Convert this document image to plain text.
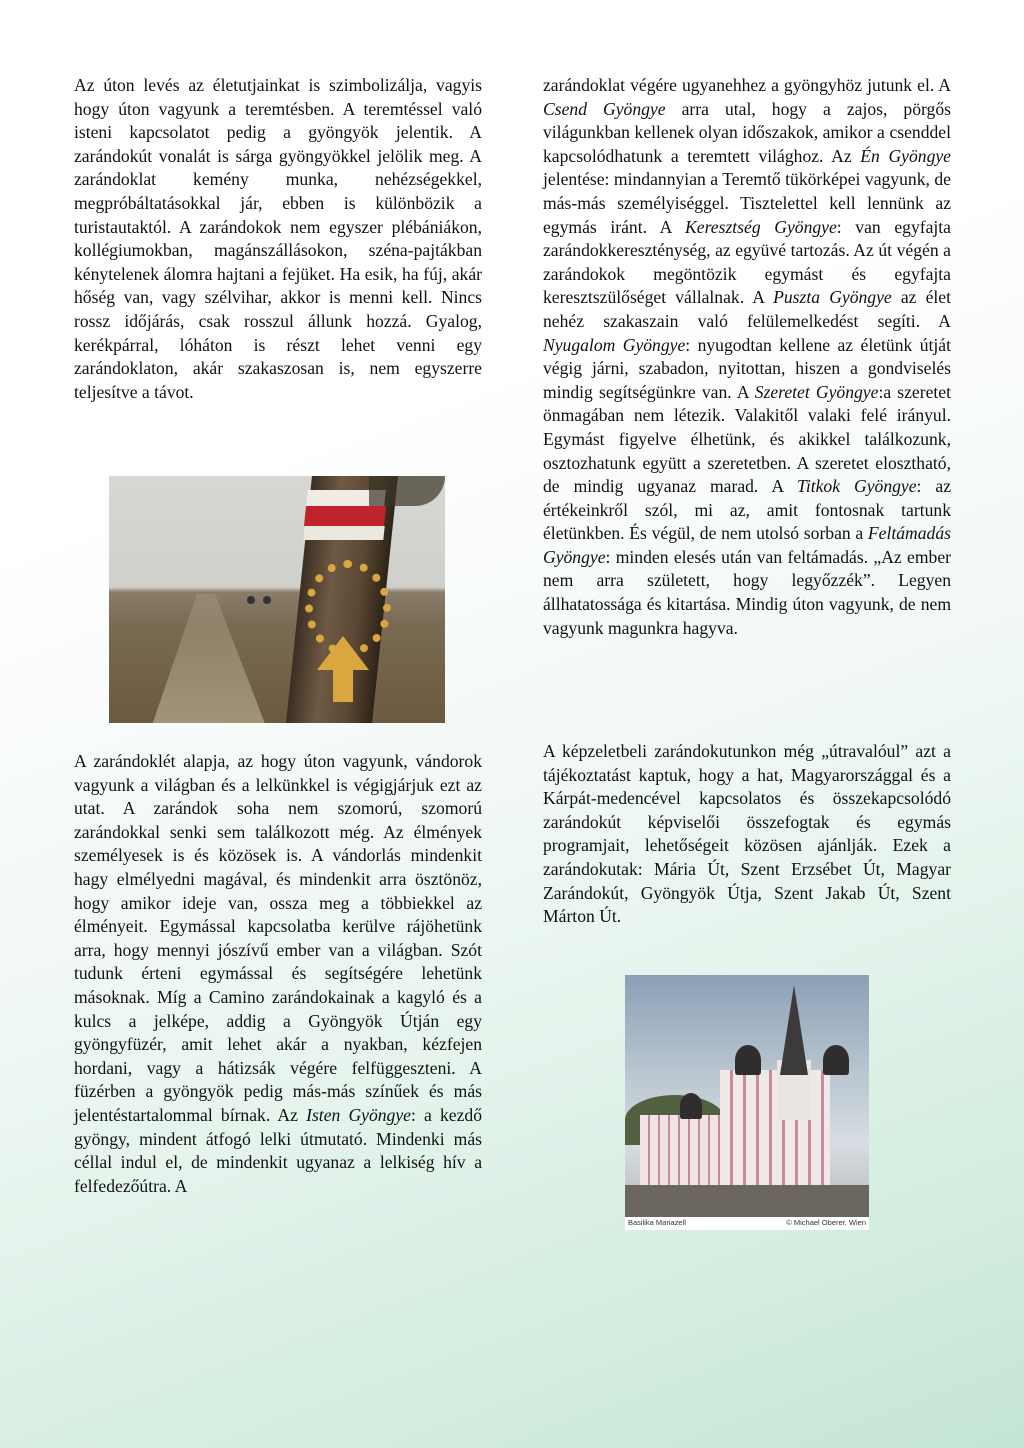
Az úton levés az életutjainkat is szimbolizálja, vagyis hogy úton vagyunk a teremtésben. A teremtéssel való isteni kapcsolatot pedig a gyöngyök jelentik. A zarándokút vonalát is sárga gyöngyökkel jelölik meg. A zarándoklat kemény munka, nehézségekkel, megpróbáltatásokkal jár, ebben is különbözik a turistautaktól. A zarándokok nem egyszer plébániákon, kollégiumokban, magánszállásokon, széna-pajtákban kénytelenek álomra hajtani a fejüket. Ha esik, ha fúj, akár hőség van, vagy szélvihar, akkor is menni kell. Nincs rossz időjárás, csak rosszul állunk hozzá. Gyalog, kerékpárral, lóháton is részt lehet venni egy zarándoklaton, akár szakaszosan is, nem egyszerre teljesítve a távot.

A zarándoklét alapja, az hogy úton vagyunk, vándorok vagyunk a világban és a lelkünkkel is végigjárjuk ezt az utat. A zarándok soha nem szomorú, szomorú zarándokkal senki sem találkozott még. Az élmények személyesek is és közösek is. A vándorlás mindenkit hagy elmélyedni magával, és mindenkit arra ösztönöz, hogy amikor ideje van, ossza meg a többiekkel az élményeit. Egymással kapcsolatba kerülve rájöhetünk arra, hogy mennyi jószívű ember van a világban. Szót tudunk érteni egymással és segítségére lehetünk másoknak. Míg a Camino zarándokainak a kagyló és a kulcs a jelképe, addig a Gyöngyök Útján egy gyöngyfüzér, amit lehet akár a nyakban, kézfejen hordani, vagy a hátizsák végére felfüggeszteni. A füzérben a gyöngyök pedig más-más színűek és más jelentéstartalommal bírnak. Az Isten Gyöngye: a kezdő gyöngy, mindent átfogó lelki útmutató. Mindenki más céllal indul el, de mindenkit ugyanaz a lelkiség hív a felfedezőútra. A

zarándoklat végére ugyanehhez a gyöngyhöz jutunk el. A Csend Gyöngye arra utal, hogy a zajos, pörgős világunkban kellenek olyan időszakok, amikor a csenddel kapcsolódhatunk a teremtett világhoz. Az Én Gyöngye jelentése: mindannyian a Teremtő tükörképei vagyunk, de más-más személyiséggel. Tisztelettel kell lennünk az egymás iránt. A Keresztség Gyöngye: van egyfajta zarándokkereszténység, az együvé tartozás. Az út végén a zarándokok megöntözik egymást és egyfajta keresztszülőséget vállalnak. A Puszta Gyöngye az élet nehéz szakaszain való felülemelkedést segíti. A Nyugalom Gyöngye: nyugodtan kellene az életünk útját végig járni, szabadon, nyitottan, hiszen a gondviselés mindig segítségünkre van. A Szeretet Gyöngye:a szeretet önmagában nem létezik. Valakitől valaki felé irányul. Egymást figyelve élhetünk, és akikkel találkozunk, osztozhatunk együtt a szeretetben. A szeretet elosztható, de mindig ugyanaz marad. A Titkok Gyöngye: az értékeinkről szól, mi az, amit fontosnak tartunk életünkben. És végül, de nem utolsó sorban a Feltámadás Gyöngye: minden elesés után van feltámadás. „Az ember nem arra született, hogy legyőzzék”. Legyen állhatatossága és kitartása. Mindig úton vagyunk, de nem vagyunk magunkra hagyva.

A képzeletbeli zarándokutunkon még „útravalóul” azt a tájékoztatást kaptuk, hogy a hat, Magyarországgal és a Kárpát-medencével kapcsolatos és összekapcsolódó zarándokút képviselői összefogtak és egymás programjait, lehetőségeit közösen ajánlják. Ezek a zarándokutak: Mária Út, Szent Erzsébet Út, Magyar Zarándokút, Gyöngyök Útja, Szent Jakab Út, Szent Márton Út.

Basilika Mariazell	© Michael Oberer, Wien
